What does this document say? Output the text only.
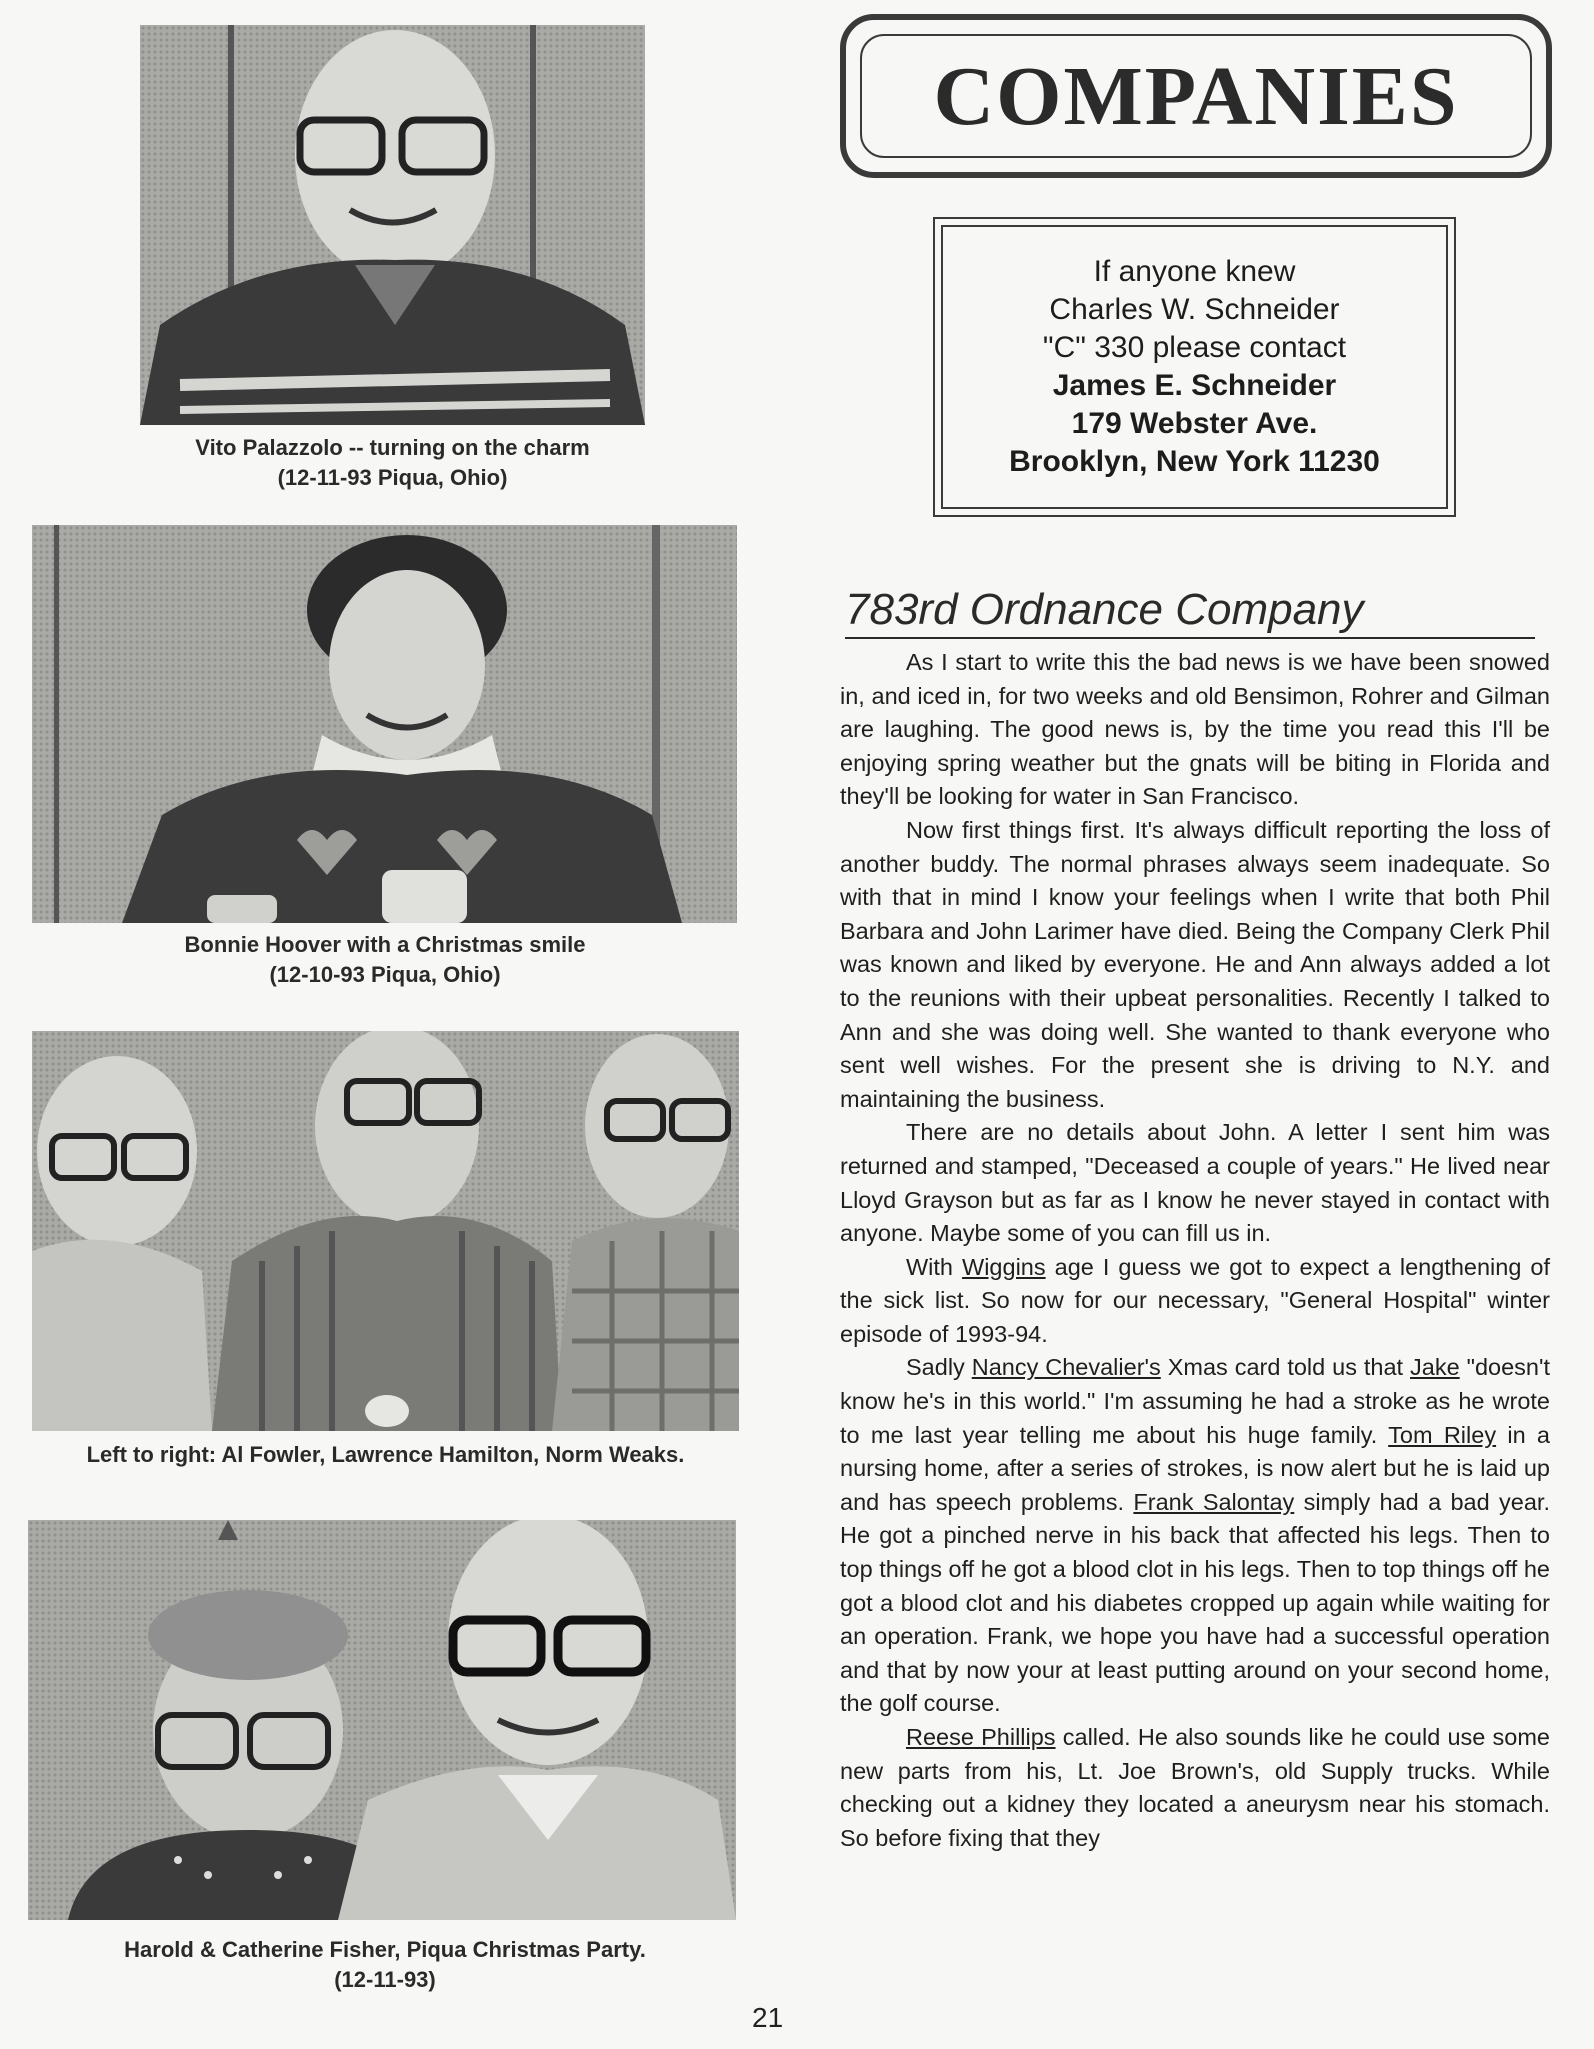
Vito Palazzolo -- turning on the charm
(12-11-93 Piqua, Ohio)
Bonnie Hoover with a Christmas smile
(12-10-93 Piqua, Ohio)
Left to right: Al Fowler, Lawrence Hamilton, Norm Weaks.
Harold & Catherine Fisher, Piqua Christmas Party.
(12-11-93)
COMPANIES
If anyone knew
Charles W. Schneider
"C" 330 please contact
James E. Schneider
179 Webster Ave.
Brooklyn, New York 11230
783rd Ordnance Company

As I start to write this the bad news is we have been snowed in, and iced in, for two weeks and old Bensimon, Rohrer and Gilman are laughing. The good news is, by the time you read this I'll be enjoying spring weather but the gnats will be biting in Florida and they'll be looking for water in San Francisco.

Now first things first. It's always difficult reporting the loss of another buddy. The normal phrases always seem inadequate. So with that in mind I know your feelings when I write that both Phil Barbara and John Larimer have died. Being the Company Clerk Phil was known and liked by everyone. He and Ann always added a lot to the reunions with their upbeat personalities. Recently I talked to Ann and she was doing well. She wanted to thank everyone who sent well wishes. For the present she is driving to N.Y. and maintaining the business.

There are no details about John. A letter I sent him was returned and stamped, "Deceased a couple of years." He lived near Lloyd Grayson but as far as I know he never stayed in contact with anyone. Maybe some of you can fill us in.

With Wiggins age I guess we got to expect a lengthening of the sick list. So now for our necessary, "General Hospital" winter episode of 1993-94.

Sadly Nancy Chevalier's Xmas card told us that Jake "doesn't know he's in this world." I'm assuming he had a stroke as he wrote to me last year telling me about his huge family. Tom Riley in a nursing home, after a series of strokes, is now alert but he is laid up and has speech problems. Frank Salontay simply had a bad year. He got a pinched nerve in his back that affected his legs. Then to top things off he got a blood clot in his legs. Then to top things off he got a blood clot and his diabetes cropped up again while waiting for an operation. Frank, we hope you have had a successful operation and that by now your at least putting around on your second home, the golf course.

Reese Phillips called. He also sounds like he could use some new parts from his, Lt. Joe Brown's, old Supply trucks. While checking out a kidney they located a aneurysm near his stomach. So before fixing that they

21
